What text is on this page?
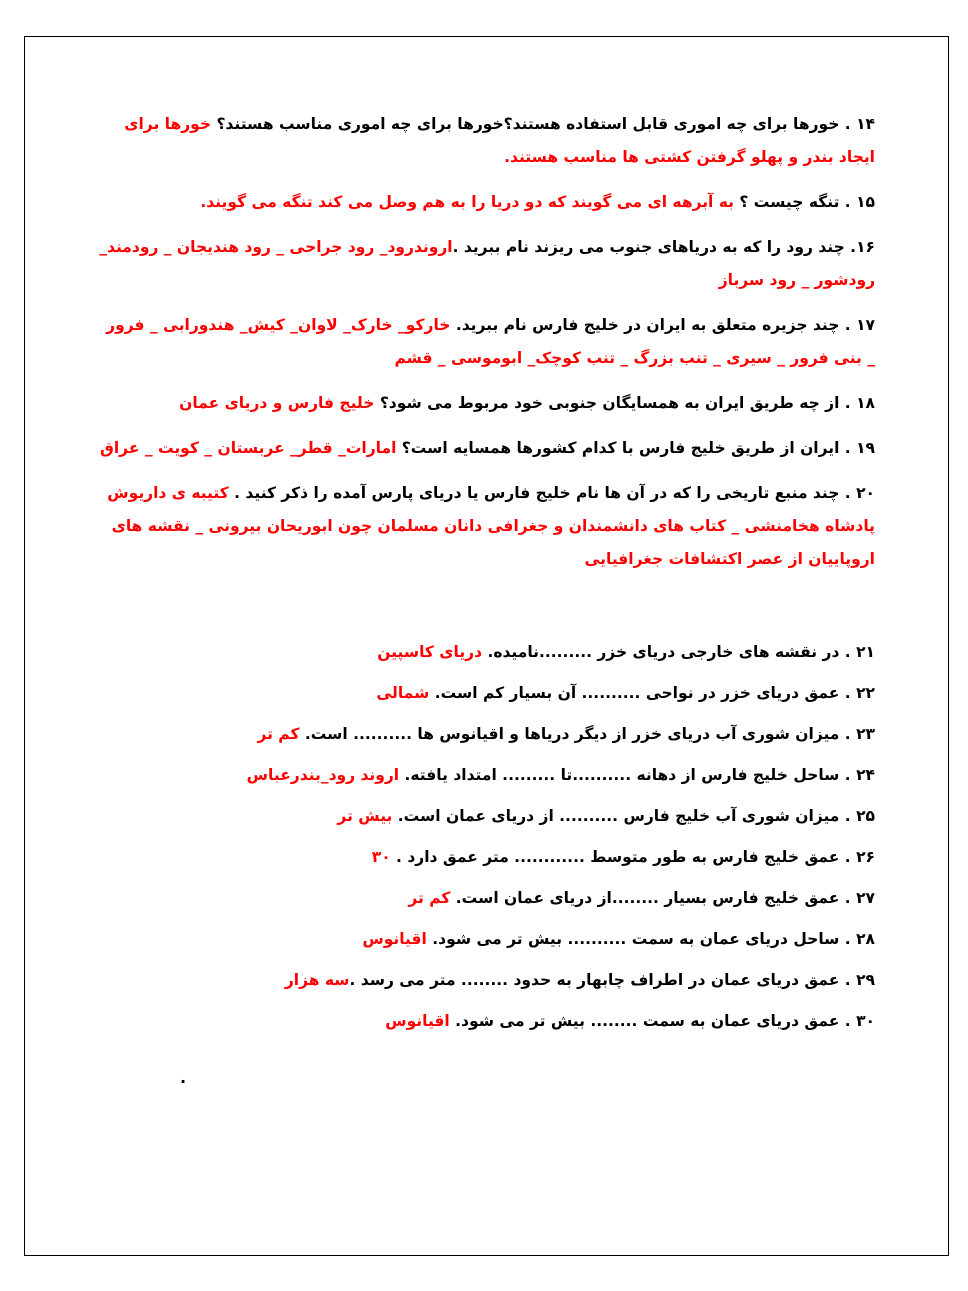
۱۴ . خورها برای چه اموری قابل استفاده هستند؟خورها برای چه اموری مناسب هستند؟ خورها برای ایجاد بندر و پهلو گرفتن کشتی ها مناسب هستند.

۱۵ . تنگه چیست ؟ به آبرهه ای می گویند که دو دریا را به هم وصل می کند تنگه می گویند.

۱۶. چند رود را که به دریاهای جنوب می ریزند نام ببرید .اروندرود_ رود جراحی _ رود هندیجان _ رودمند_ رودشور _ رود سرباز

۱۷ . چند جزیره متعلق به ایران در خلیج فارس نام ببرید. خارکو_ خارک_ لاوان_ کیش_ هندورابی _ فرور _ بنی فرور _ سیری _ تنب بزرگ _ تنب کوچک_ ابوموسی _ قشم

۱۸ . از چه طریق ایران به همسایگان جنوبی خود مربوط می شود؟ خلیج فارس و دریای عمان

۱۹ . ایران از طریق خلیج فارس با کدام کشورها همسایه است؟ امارات_ قطر_ عربستان _ کویت _ عراق

۲۰ . چند منبع تاریخی را که در آن ها نام خلیج فارس یا دریای پارس آمده را ذکر کنید . کتیبه ی داریوش پادشاه هخامنشی _ کتاب های دانشمندان و جغرافی دانان مسلمان چون ابوریحان بیرونی _ نقشه های اروپاییان از عصر اکتشافات جغرافیایی

۲۱ . در نقشه های خارجی دریای خزر .........نامیده. دریای کاسپین

۲۲ . عمق دریای خزر در نواحی .......... آن بسیار کم است. شمالی

۲۳ . میزان شوری آب دریای خزر از دیگر دریاها و اقیانوس ها .......... است. کم تر

۲۴ . ساحل خلیج فارس از دهانه ..........تا ......... امتداد یافته. اروند رود_بندرعباس

۲۵ . میزان شوری آب خلیج فارس .......... از دریای عمان است. بیش تر

۲۶ . عمق خلیج فارس به طور متوسط ............ متر عمق دارد . ۳۰

۲۷ . عمق خلیج فارس بسیار ........از دریای عمان است. کم تر

۲۸ . ساحل دریای عمان به سمت .......... بیش تر می شود. اقیانوس

۲۹ . عمق دریای عمان در اطراف چابهار به حدود ........ متر می رسد .سه هزار

۳۰ . عمق دریای عمان به سمت ........ بیش تر می شود. اقیانوس

.
